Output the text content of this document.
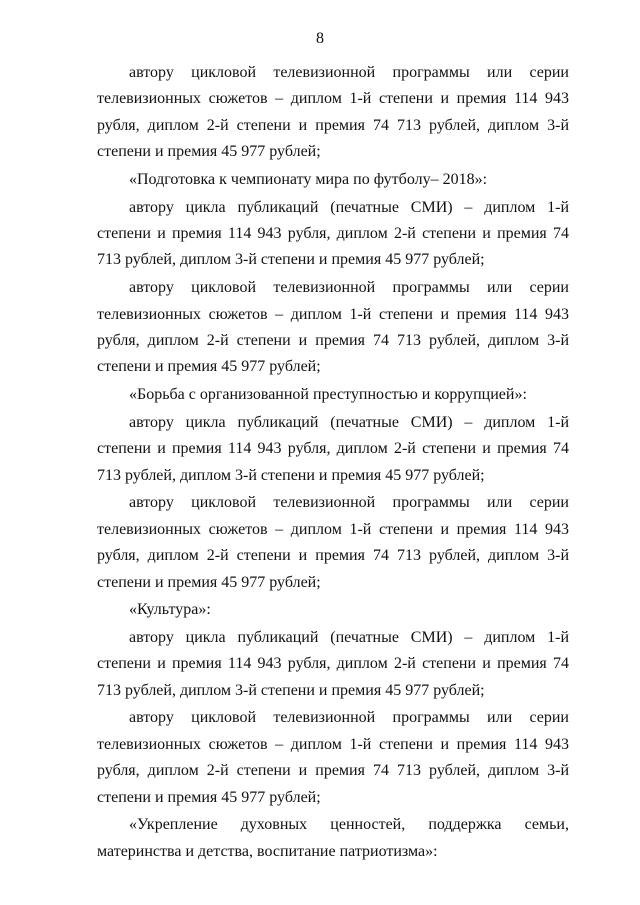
8

автору цикловой телевизионной программы или серии телевизионных сюжетов – диплом 1-й степени и премия 114 943 рубля, диплом 2-й степени и премия 74 713 рублей, диплом 3-й степени и премия 45 977 рублей;

«Подготовка к чемпионату мира по футболу– 2018»:

автору цикла публикаций (печатные СМИ) – диплом 1-й степени и премия 114 943 рубля, диплом 2-й степени и премия 74 713 рублей, диплом 3-й степени и премия 45 977 рублей;

автору цикловой телевизионной программы или серии телевизионных сюжетов – диплом 1-й степени и премия 114 943 рубля, диплом 2-й степени и премия 74 713 рублей, диплом 3-й степени и премия 45 977 рублей;

«Борьба с организованной преступностью и коррупцией»:

автору цикла публикаций (печатные СМИ) – диплом 1-й степени и премия 114 943 рубля, диплом 2-й степени и премия 74 713 рублей, диплом 3-й степени и премия 45 977 рублей;

автору цикловой телевизионной программы или серии телевизионных сюжетов – диплом 1-й степени и премия 114 943 рубля, диплом 2-й степени и премия 74 713 рублей, диплом 3-й степени и премия 45 977 рублей;

«Культура»:

автору цикла публикаций (печатные СМИ) – диплом 1-й степени и премия 114 943 рубля, диплом 2-й степени и премия 74 713 рублей, диплом 3-й степени и премия 45 977 рублей;

автору цикловой телевизионной программы или серии телевизионных сюжетов – диплом 1-й степени и премия 114 943 рубля, диплом 2-й степени и премия 74 713 рублей, диплом 3-й степени и премия 45 977 рублей;

«Укрепление духовных ценностей, поддержка семьи, материнства и детства, воспитание патриотизма»:
